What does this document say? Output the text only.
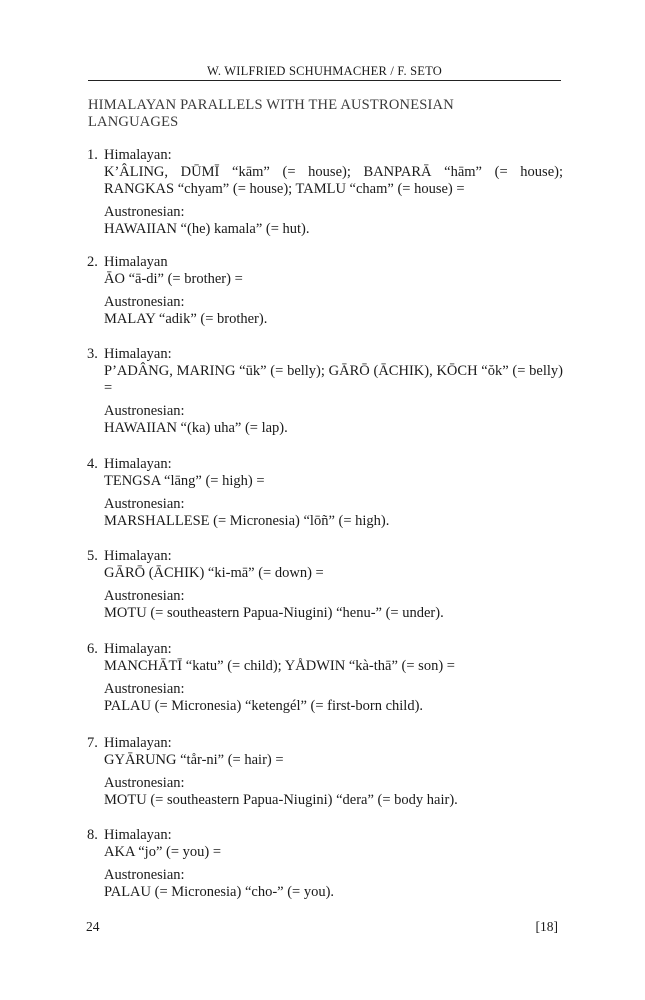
W. WILFRIED SCHUHMACHER / F. SETO
HIMALAYAN PARALLELS WITH THE AUSTRONESIAN LANGUAGES
1. Himalayan:
K’ÂLING, DŪMĪ “kām” (= house); BANPARĀ “hām” (= house); RANGKAS “chyam” (= house); TAMLU “cham” (= house) =
Austronesian:
HAWAIIAN “(he) kamala” (= hut).
2. Himalayan
ĀO “ā-di” (= brother) =
Austronesian:
MALAY “adik” (= brother).
3. Himalayan:
P’ADÂNG, MARING “ūk” (= belly); GĀRŌ (ĀCHIK), KŌCH “ŏk” (= belly) =
Austronesian:
HAWAIIAN “(ka) uha” (= lap).
4. Himalayan:
TENGSA “lāng” (= high) =
Austronesian:
MARSHALLESE (= Micronesia) “lōñ” (= high).
5. Himalayan:
GĀRŌ (ĀCHIK) “ki-mā” (= down) =
Austronesian:
MOTU (= southeastern Papua-Niugini) “henu-” (= under).
6. Himalayan:
MANCHĀTĪ “katu” (= child); YÅDWIN “kà-thā” (= son) =
Austronesian:
PALAU (= Micronesia) “ketengél” (= first-born child).
7. Himalayan:
GYĀRUNG “tår-ni” (= hair) =
Austronesian:
MOTU (= southeastern Papua-Niugini) “dera” (= body hair).
8. Himalayan:
AKA “jo” (= you) =
Austronesian:
PALAU (= Micronesia) “cho-” (= you).
24	[18]
